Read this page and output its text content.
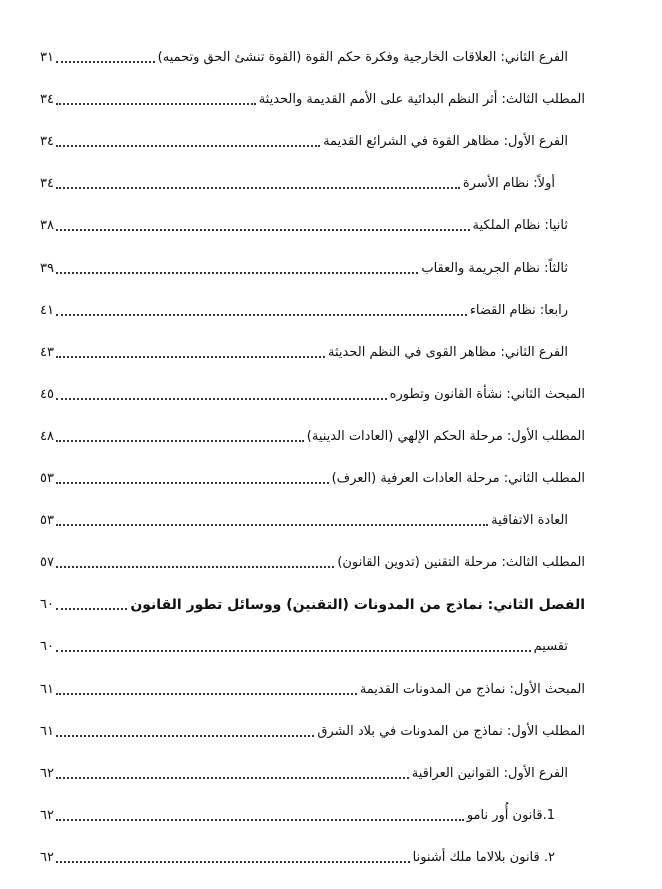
الفرع الثاني: العلاقات الخارجية وفكرة حكم القوة (القوة تنشئ الحق وتحميه)
٣١
المطلب الثالث: أثر النظم البدائية على الأمم القديمة والحديثة
٣٤
الفرع الأول: مظاهر القوة في الشرائع القديمة
٣٤
أولاً: نظام الأسرة
٣٤
ثانيا: نظام الملكية
٣٨
ثالثاً: نظام الجريمة والعقاب
٣٩
رابعا: نظام القضاء
٤١
الفرع الثاني: مظاهر القوى في النظم الحديثة
٤٣
المبحث الثاني: نشأة القانون وتطوره
٤٥
المطلب الأول: مرحلة الحكم الإلهي (العادات الدينية)
٤٨
المطلب الثاني: مرحلة العادات العرفية (العرف)
٥٣
العادة الاتفاقية
٥٣
المطلب الثالث: مرحلة التقنين (تدوين القانون)
٥٧
الفصل الثاني: نماذج من المدونات (التقنين) ووسائل تطور القانون
٦٠
تقسيم
٦٠
المبحث الأول: نماذج من المدونات القديمة
٦١
المطلب الأول: نماذج من المدونات في بلاد الشرق
٦١
الفرع الأول: القوانين العراقية
٦٢
1.قانون أُور نامو
٦٢
٢. قانون بلالاما ملك أشنونا
٦٢
